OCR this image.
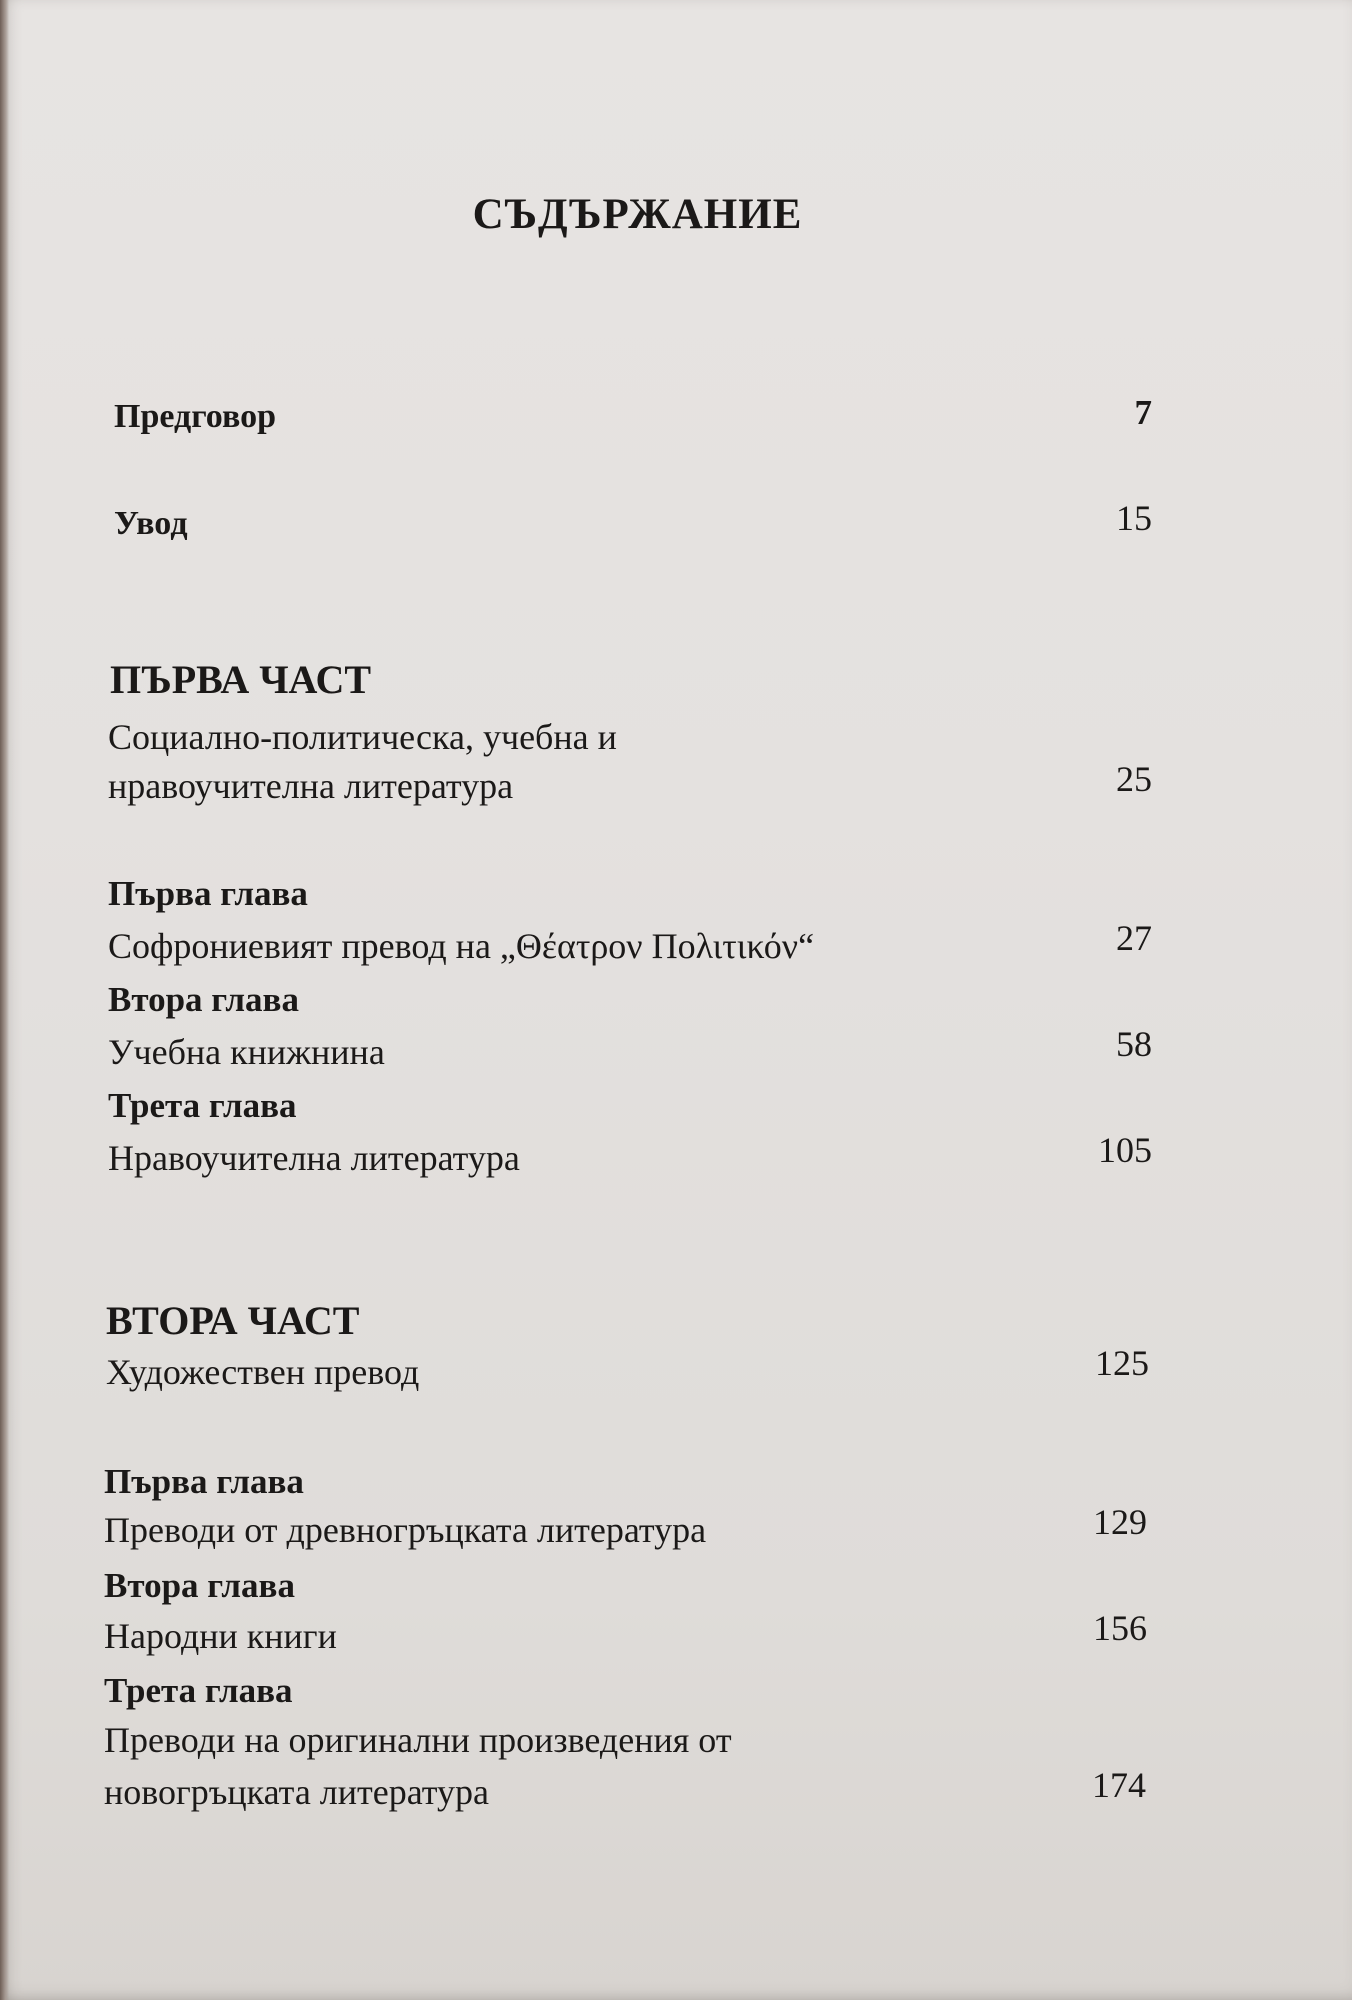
СЪДЪРЖАНИЕ
Предговор	7
Увод	15
ПЪРВА ЧАСТ
Социално-политическа, учебна и
нравоучителна литература	25
Първа глава
Софрониевият превод на „Θέατρον Πολιτικόν“	27
Втора глава
Учебна книжнина	58
Трета глава
Нравоучителна литература	105
ВТОРА ЧАСТ
Художествен превод	125
Първа глава
Преводи от древногръцката литература	129
Втора глава
Народни книги	156
Трета глава
Преводи на оригинални произведения от
новогръцката литература	174
